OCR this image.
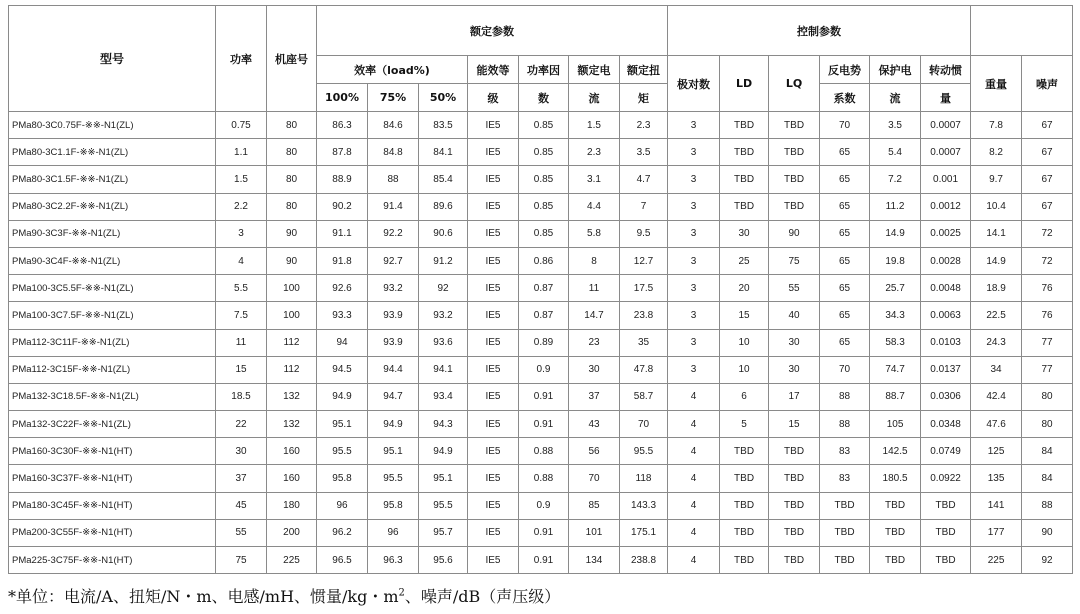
型号	功率	机座号	额定参数							控制参数							
			效率（load%)			能效等	功率因	额定电	额定扭	极对数	LD	LQ	反电势	保护电	转动惯	重量	噪声
			100%	75%	50%	级	数	流	矩				系数	流	量		
PMa80-3C0.75F-※※-N1(ZL)	0.75	80	86.3	84.6	83.5	IE5	0.85	1.5	2.3	3	TBD	TBD	70	3.5	0.0007	7.8	67
PMa80-3C1.1F-※※-N1(ZL)	1.1	80	87.8	84.8	84.1	IE5	0.85	2.3	3.5	3	TBD	TBD	65	5.4	0.0007	8.2	67
PMa80-3C1.5F-※※-N1(ZL)	1.5	80	88.9	88	85.4	IE5	0.85	3.1	4.7	3	TBD	TBD	65	7.2	0.001	9.7	67
PMa80-3C2.2F-※※-N1(ZL)	2.2	80	90.2	91.4	89.6	IE5	0.85	4.4	7	3	TBD	TBD	65	11.2	0.0012	10.4	67
PMa90-3C3F-※※-N1(ZL)	3	90	91.1	92.2	90.6	IE5	0.85	5.8	9.5	3	30	90	65	14.9	0.0025	14.1	72
PMa90-3C4F-※※-N1(ZL)	4	90	91.8	92.7	91.2	IE5	0.86	8	12.7	3	25	75	65	19.8	0.0028	14.9	72
PMa100-3C5.5F-※※-N1(ZL)	5.5	100	92.6	93.2	92	IE5	0.87	11	17.5	3	20	55	65	25.7	0.0048	18.9	76
PMa100-3C7.5F-※※-N1(ZL)	7.5	100	93.3	93.9	93.2	IE5	0.87	14.7	23.8	3	15	40	65	34.3	0.0063	22.5	76
PMa112-3C11F-※※-N1(ZL)	11	112	94	93.9	93.6	IE5	0.89	23	35	3	10	30	65	58.3	0.0103	24.3	77
PMa112-3C15F-※※-N1(ZL)	15	112	94.5	94.4	94.1	IE5	0.9	30	47.8	3	10	30	70	74.7	0.0137	34	77
PMa132-3C18.5F-※※-N1(ZL)	18.5	132	94.9	94.7	93.4	IE5	0.91	37	58.7	4	6	17	88	88.7	0.0306	42.4	80
PMa132-3C22F-※※-N1(ZL)	22	132	95.1	94.9	94.3	IE5	0.91	43	70	4	5	15	88	105	0.0348	47.6	80
PMa160-3C30F-※※-N1(HT)	30	160	95.5	95.1	94.9	IE5	0.88	56	95.5	4	TBD	TBD	83	142.5	0.0749	125	84
PMa160-3C37F-※※-N1(HT)	37	160	95.8	95.5	95.1	IE5	0.88	70	118	4	TBD	TBD	83	180.5	0.0922	135	84
PMa180-3C45F-※※-N1(HT)	45	180	96	95.8	95.5	IE5	0.9	85	143.3	4	TBD	TBD	TBD	TBD	TBD	141	88
PMa200-3C55F-※※-N1(HT)	55	200	96.2	96	95.7	IE5	0.91	101	175.1	4	TBD	TBD	TBD	TBD	TBD	177	90
PMa225-3C75F-※※-N1(HT)	75	225	96.5	96.3	95.6	IE5	0.91	134	238.8	4	TBD	TBD	TBD	TBD	TBD	225	92
*单位：电流/A、扭矩/N・m、电感/mH、惯量/kg・$m^2$、噪声/dB（声压级）
